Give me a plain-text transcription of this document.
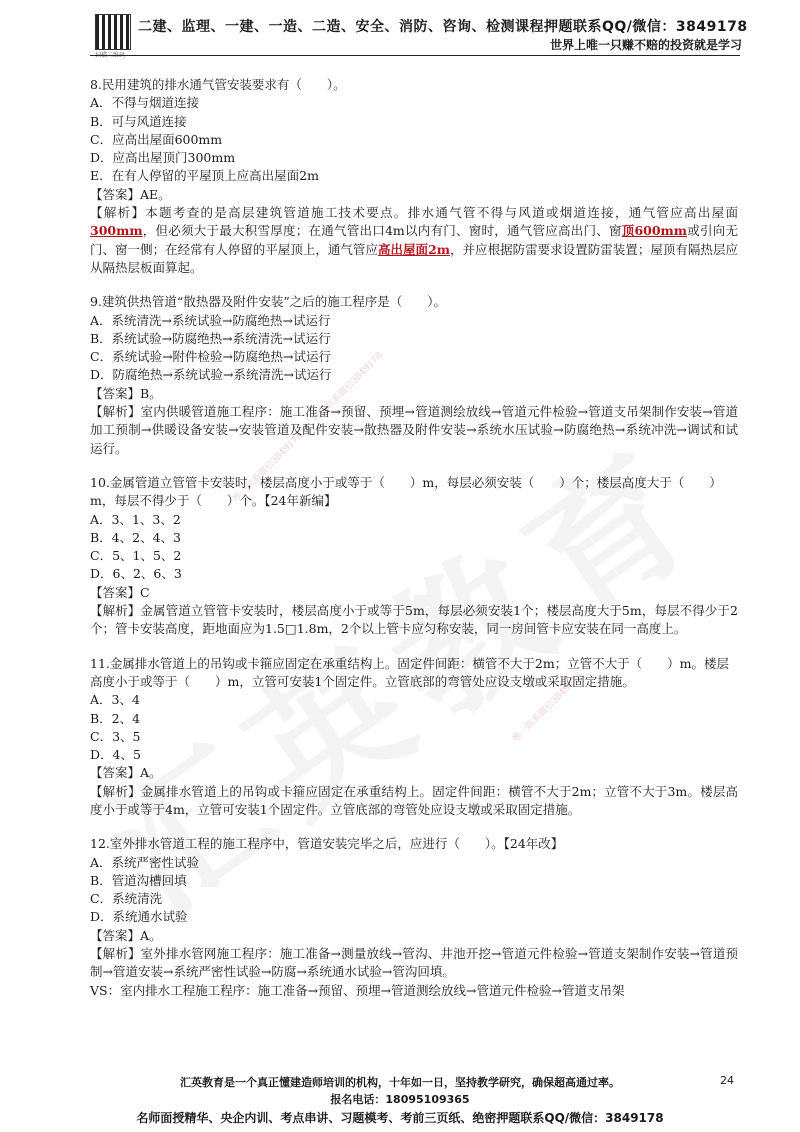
唯一联系微信3849178
唯一联系微信3849178
唯一联系微信3849178
扫描二维码
二建、监理、一建、一造、二造、安全、消防、咨询、检测课程押题联系QQ/微信：3849178
世界上唯一只赚不赔的投资就是学习

8.民用建筑的排水通气管安装要求有（　　）。

A．不得与烟道连接

B．可与风道连接

C．应高出屋面600mm

D．应高出屋顶门300mm

E．在有人停留的平屋顶上应高出屋面2m

【答案】AE。

【解析】本题考查的是高层建筑管道施工技术要点。排水通气管不得与风道或烟道连接，通气管应高出屋面300mm，但必须大于最大积雪厚度；在通气管出口4m以内有门、窗时，通气管应高出门、窗顶600mm或引向无门、窗一侧；在经常有人停留的平屋顶上，通气管应高出屋面2m，并应根据防雷要求设置防雷装置；屋顶有隔热层应从隔热层板面算起。

9.建筑供热管道“散热器及附件安装”之后的施工程序是（　　）。

A．系统清洗→系统试验→防腐绝热→试运行

B．系统试验→防腐绝热→系统清洗→试运行

C．系统试验→附件检验→防腐绝热→试运行

D．防腐绝热→系统试验→系统清洗→试运行

【答案】B。

【解析】室内供暖管道施工程序：施工准备→预留、预埋→管道测绘放线→管道元件检验→管道支吊架制作安装→管道加工预制→供暖设备安装→安装管道及配件安装→散热器及附件安装→系统水压试验→防腐绝热→系统冲洗→调试和试运行。

10.金属管道立管管卡安装时，楼层高度小于或等于（　　）m，每层必须安装（　　）个；楼层高度大于（　　）m，每层不得少于（　　）个。【24年新编】

A．3、1、3、2

B．4、2、4、3

C．5、1、5、2

D．6、2、6、3

【答案】C

【解析】金属管道立管管卡安装时，楼层高度小于或等于5m，每层必须安装1个；楼层高度大于5m，每层不得少于2个；管卡安装高度，距地面应为1.5□1.8m，2个以上管卡应匀称安装，同一房间管卡应安装在同一高度上。

11.金属排水管道上的吊钩或卡箍应固定在承重结构上。固定件间距：横管不大于2m；立管不大于（　　）m。楼层高度小于或等于（　　）m，立管可安装1个固定件。立管底部的弯管处应设支墩或采取固定措施。

A．3、4

B．2、4

C．3、5

D．4、5

【答案】A。

【解析】金属排水管道上的吊钩或卡箍应固定在承重结构上。固定件间距：横管不大于2m；立管不大于3m。楼层高度小于或等于4m，立管可安装1个固定件。立管底部的弯管处应设支墩或采取固定措施。

12.室外排水管道工程的施工程序中，管道安装完毕之后，应进行（　　）。【24年改】

A．系统严密性试验

B．管道沟槽回填

C．系统清洗

D．系统通水试验

【答案】A。

【解析】室外排水管网施工程序：施工准备→测量放线→管沟、井池开挖→管道元件检验→管道支架制作安装→管道预制→管道安装→系统严密性试验→防腐→系统通水试验→管沟回填。

VS：室内排水工程施工程序：施工准备→预留、预埋→管道测绘放线→管道元件检验→管道支吊架

汇英教育是一个真正懂建造师培训的机构，十年如一日，坚持教学研究，确保超高通过率。	24
报名电话：18095109365
名师面授精华、央企内训、考点串讲、习题模考、考前三页纸、绝密押题联系QQ/微信：3849178
